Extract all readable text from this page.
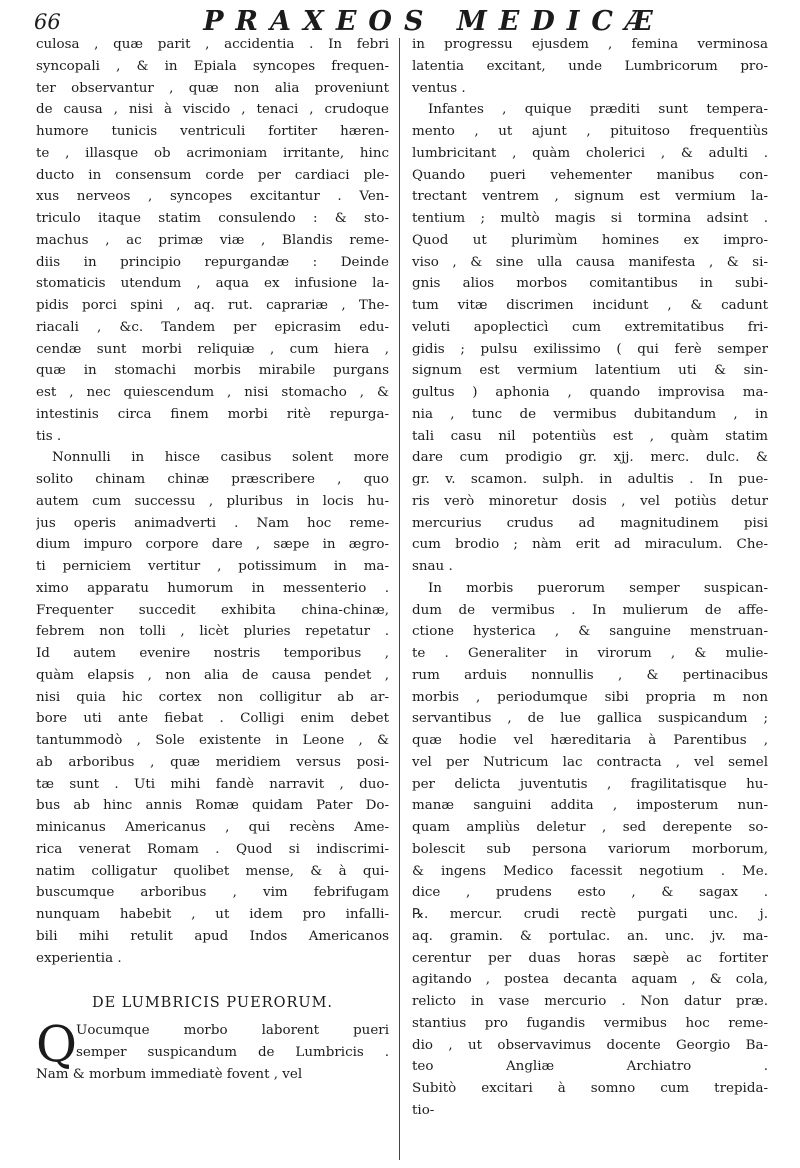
66	PRAXEOS MEDICÆ
culosa , quæ parit , accidentia . In febri
syncopali , & in Epiala syncopes frequen-
ter observantur , quæ non alia proveniunt
de causa , nisi à viscido , tenaci , crudoque
humore tunicis ventriculi fortiter hæren-
te , illasque ob acrimoniam irritante, hinc
ducto in consensum corde per cardiaci ple-
xus nerveos , syncopes excitantur . Ven-
triculo itaque statim consulendo : & sto-
machus , ac primæ viæ , Blandis reme-
diis in principio repurgandæ : Deinde
stomaticis utendum , aqua ex infusione la-
pidis porci spini , aq. rut. caprariæ , The-
riacali , &c. Tandem per epicrasim edu-
cendæ sunt morbi reliquiæ , cum hiera ,
quæ in stomachi morbis mirabile purgans
est , nec quiescendum , nisi stomacho , &
intestinis circa finem morbi ritè repurga-
tis .
Nonnulli in hisce casibus solent more
solito chinam chinæ præscribere , quo
autem cum successu , pluribus in locis hu-
jus operis animadverti . Nam hoc reme-
dium impuro corpore dare , sæpe in ægro-
ti perniciem vertitur , potissimum in ma-
ximo apparatu humorum in messenterio .
Frequenter succedit exhibita china-chinæ,
febrem non tolli , licèt pluries repetatur .
Id autem evenire nostris temporibus ,
quàm elapsis , non alia de causa pendet ,
nisi quia hic cortex non colligitur ab ar-
bore uti ante fiebat . Colligi enim debet
tantummodò , Sole existente in Leone , &
ab arboribus , quæ meridiem versus posi-
tæ sunt . Uti mihi fandè narravit , duo-
bus ab hinc annis Romæ quidam Pater Do-
minicanus Americanus , qui recèns Ame-
rica venerat Romam . Quod si indiscrimi-
natim colligatur quolibet mense, & à qui-
buscumque arboribus , vim febrifugam
nunquam habebit , ut idem pro infalli-
bili mihi retulit apud Indos Americanos
experientia .
DE LUMBRICIS PUERORUM.
Q Uocumque morbo laborent pueri
semper suspicandum de Lumbricis .
Nam & morbum immediatè fovent , vel
in progressu ejusdem , femina verminosa
latentia excitant, unde Lumbricorum pro-
ventus .
Infantes , quique præditi sunt tempera-
mento , ut ajunt , pituitoso frequentiùs
lumbricitant , quàm cholerici , & adulti .
Quando pueri vehementer manibus con-
trectant ventrem , signum est vermium la-
tentium ; multò magis si tormina adsint .
Quod ut plurimùm homines ex impro-
viso , & sine ulla causa manifesta , & si-
gnis alios morbos comitantibus in subi-
tum vitæ discrimen incidunt , & cadunt
veluti apoplecticì cum extremitatibus fri-
gidis ; pulsu exilissimo ( qui ferè semper
signum est vermium latentium uti & sin-
gultus ) aphonia , quando improvisa ma-
nia , tunc de vermibus dubitandum , in
tali casu nil potentiùs est , quàm statim
dare cum prodigio gr. xjj. merc. dulc. &
gr. v. scamon. sulph. in adultis . In pue-
ris verò minoretur dosis , vel potiùs detur
mercurius crudus ad magnitudinem pisi
cum brodio ; nàm erit ad miraculum. Che-
snau .
In morbis puerorum semper suspican-
dum de vermibus . In mulierum de affe-
ctione hysterica , & sanguine menstruan-
te . Generaliter in virorum , & mulie-
rum arduis nonnullis , & pertinacibus
morbis , periodumque sibi propria m non
servantibus , de lue gallica suspicandum ;
quæ hodie vel hæreditaria à Parentibus ,
vel per Nutricum lac contracta , vel semel
per delicta juventutis , fragilitatisque hu-
manæ sanguini addita , imposterum nun-
quam ampliùs deletur , sed derepente so-
bolescit sub persona variorum morborum,
& ingens Medico facessit negotium . Me.
dice , prudens esto , & sagax .
℞. mercur. crudi rectè purgati unc. j.
aq. gramin. & portulac. an. unc. jv. ma-
cerentur per duas horas sæpè ac fortiter
agitando , postea decanta aquam , & cola,
relicto in vase mercurio . Non datur præ.
stantius pro fugandis vermibus hoc reme-
dio , ut observavimus docente Georgio Ba-
teo Angliæ Archiatro .
Subitò excitari à somno cum trepida-
tio-
